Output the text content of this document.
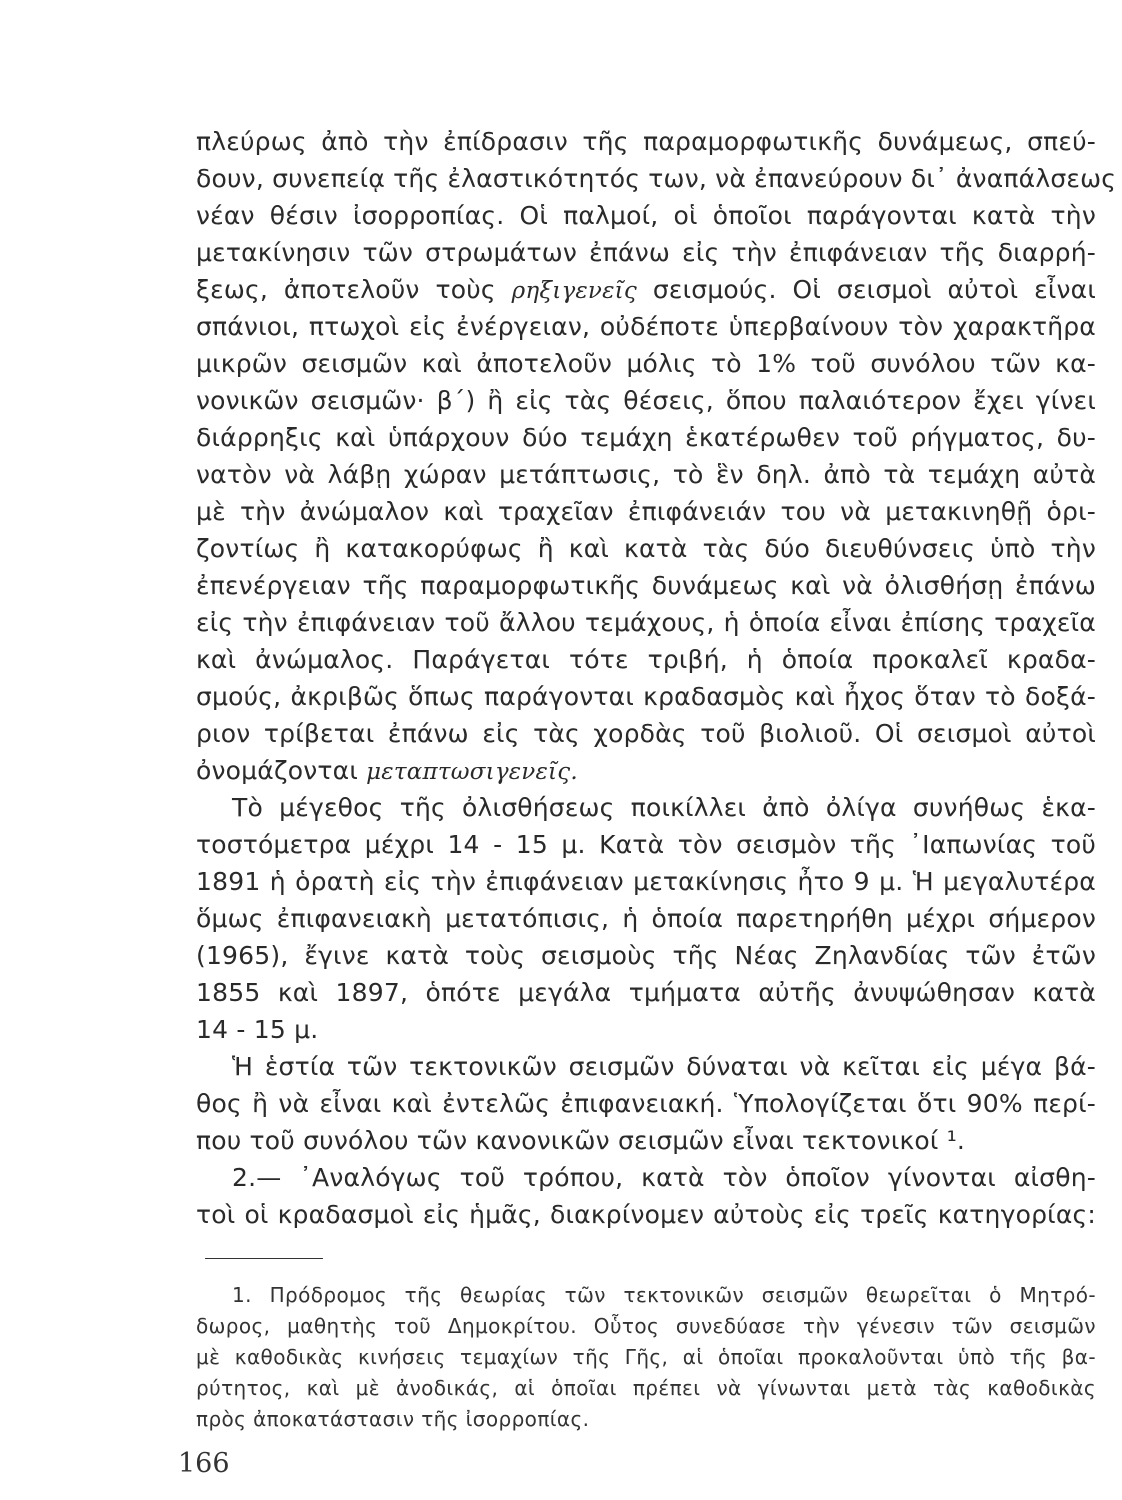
πλεύρως ἀπὸ τὴν ἐπίδρασιν τῆς παραμορφωτικῆς δυνάμεως, σπεύ-
δουν, συνεπείᾳ τῆς ἐλαστικότητός των, νὰ ἐπανεύρουν δι᾿ ἀναπάλσεως
νέαν θέσιν ἰσορροπίας. Οἱ παλμοί, οἱ ὁποῖοι παράγονται κατὰ τὴν
μετακίνησιν τῶν στρωμάτων ἐπάνω εἰς τὴν ἐπιφάνειαν τῆς διαρρή-
ξεως, ἀποτελοῦν τοὺς ρηξιγενεῖς σεισμούς. Οἱ σεισμοὶ αὐτοὶ εἶναι
σπάνιοι, πτωχοὶ εἰς ἐνέργειαν, οὐδέποτε ὑπερβαίνουν τὸν χαρακτῆρα
μικρῶν σεισμῶν καὶ ἀποτελοῦν μόλις τὸ 1% τοῦ συνόλου τῶν κα-
νονικῶν σεισμῶν· β΄) ἢ εἰς τὰς θέσεις, ὅπου παλαιότερον ἔχει γίνει
διάρρηξις καὶ ὑπάρχουν δύο τεμάχη ἑκατέρωθεν τοῦ ρήγματος, δυ-
νατὸν νὰ λάβῃ χώραν μετάπτωσις, τὸ ἓν δηλ. ἀπὸ τὰ τεμάχη αὐτὰ
μὲ τὴν ἀνώμαλον καὶ τραχεῖαν ἐπιφάνειάν του νὰ μετακινηθῇ ὁρι-
ζοντίως ἢ κατακορύφως ἢ καὶ κατὰ τὰς δύο διευθύνσεις ὑπὸ τὴν
ἐπενέργειαν τῆς παραμορφωτικῆς δυνάμεως καὶ νὰ ὀλισθήσῃ ἐπάνω
εἰς τὴν ἐπιφάνειαν τοῦ ἄλλου τεμάχους, ἡ ὁποία εἶναι ἐπίσης τραχεῖα
καὶ ἀνώμαλος. Παράγεται τότε τριβή, ἡ ὁποία προκαλεῖ κραδα-
σμούς, ἀκριβῶς ὅπως παράγονται κραδασμὸς καὶ ἦχος ὅταν τὸ δοξά-
ριον τρίβεται ἐπάνω εἰς τὰς χορδὰς τοῦ βιολιοῦ. Οἱ σεισμοὶ αὐτοὶ
ὀνομάζονται μεταπτωσιγενεῖς.
Τὸ μέγεθος τῆς ὀλισθήσεως ποικίλλει ἀπὸ ὀλίγα συνήθως ἑκα-
τοστόμετρα μέχρι 14 - 15 μ. Κατὰ τὸν σεισμὸν τῆς ᾿Ιαπωνίας τοῦ
1891 ἡ ὁρατὴ εἰς τὴν ἐπιφάνειαν μετακίνησις ἦτο 9 μ. Ἡ μεγαλυτέρα
ὅμως ἐπιφανειακὴ μετατόπισις, ἡ ὁποία παρετηρήθη μέχρι σήμερον
(1965), ἔγινε κατὰ τοὺς σεισμοὺς τῆς Νέας Ζηλανδίας τῶν ἐτῶν
1855 καὶ 1897, ὁπότε μεγάλα τμήματα αὐτῆς ἀνυψώθησαν κατὰ
14 - 15 μ.
Ἡ ἑστία τῶν τεκτονικῶν σεισμῶν δύναται νὰ κεῖται εἰς μέγα βά-
θος ἢ νὰ εἶναι καὶ ἐντελῶς ἐπιφανειακή. Ὑπολογίζεται ὅτι 90% περί-
που τοῦ συνόλου τῶν κανονικῶν σεισμῶν εἶναι τεκτονικοί ¹.
2.— ᾿Αναλόγως τοῦ τρόπου, κατὰ τὸν ὁποῖον γίνονται αἰσθη-
τοὶ οἱ κραδασμοὶ εἰς ἡμᾶς, διακρίνομεν αὐτοὺς εἰς τρεῖς κατηγορίας:
1. Πρόδρομος τῆς θεωρίας τῶν τεκτονικῶν σεισμῶν θεωρεῖται ὁ Μητρό-
δωρος, μαθητὴς τοῦ Δημοκρίτου. Οὗτος συνεδύασε τὴν γένεσιν τῶν σεισμῶν
μὲ καθοδικὰς κινήσεις τεμαχίων τῆς Γῆς, αἱ ὁποῖαι προκαλοῦνται ὑπὸ τῆς βα-
ρύτητος, καὶ μὲ ἀνοδικάς, αἱ ὁποῖαι πρέπει νὰ γίνωνται μετὰ τὰς καθοδικὰς
πρὸς ἀποκατάστασιν τῆς ἰσορροπίας.
166
